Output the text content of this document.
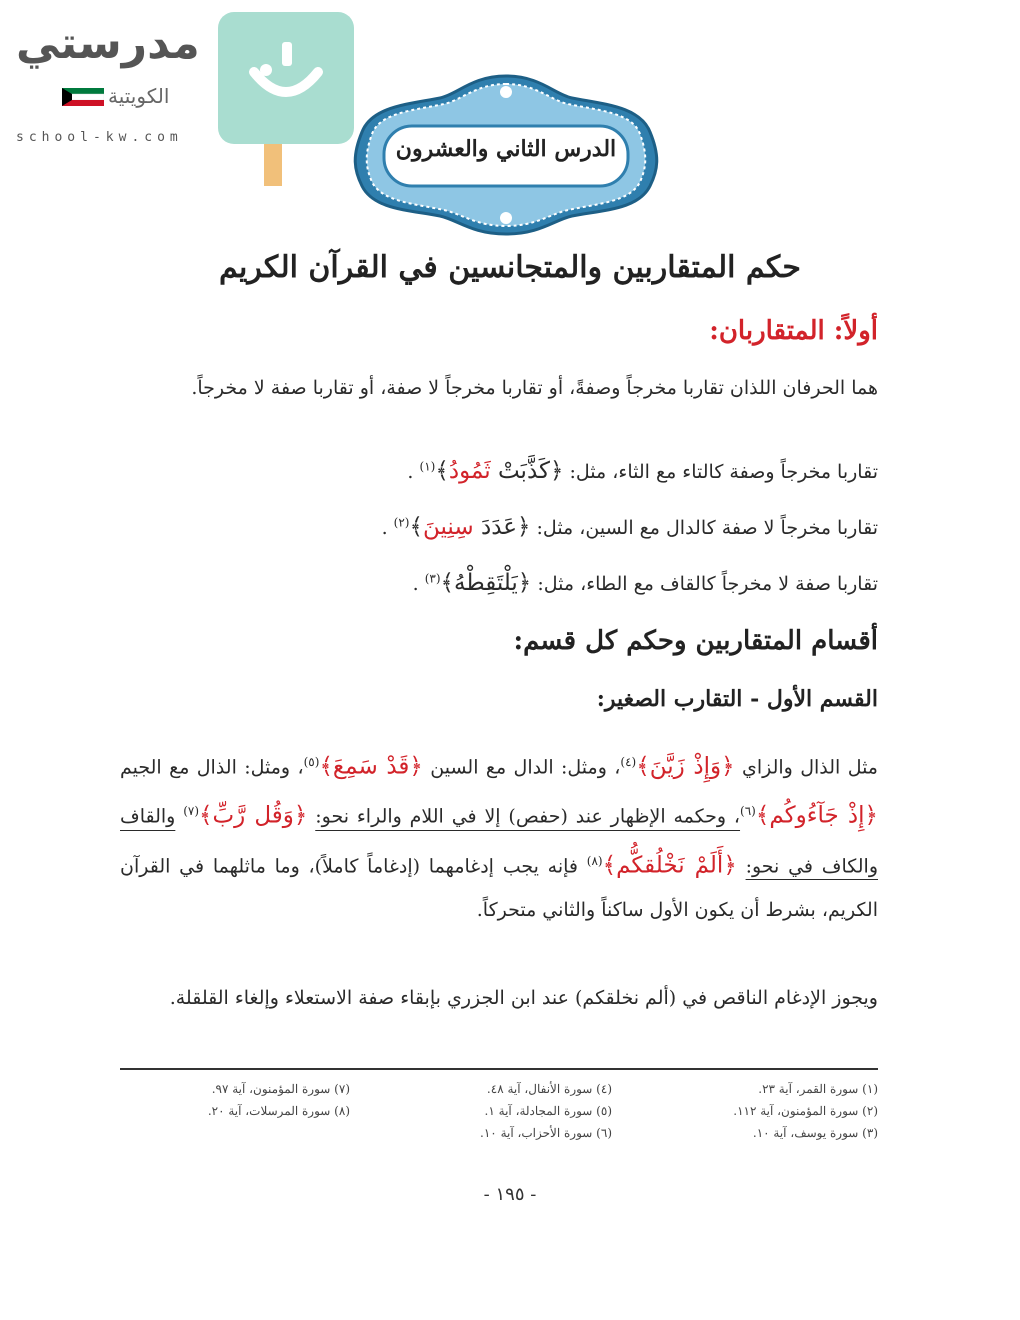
مدرستي
الكويتية
school-kw.com	الدرس الثاني والعشرون
حكم المتقاربين والمتجانسين في القرآن الكريم
أولاً: المتقاربان:
هما الحرفان اللذان تقاربا مخرجاً وصفةً، أو تقاربا مخرجاً لا صفة، أو تقاربا صفة لا مخرجاً.
تقاربا مخرجاً وصفة كالتاء مع الثاء، مثل: ﴿كَذَّبَتْ ثَمُودُ﴾$^{(١)}$ .
تقاربا مخرجاً لا صفة كالدال مع السين، مثل: ﴿عَدَدَ سِنِينَ﴾$^{(٢)}$ .
تقاربا صفة لا مخرجاً كالقاف مع الطاء، مثل: ﴿يَلْتَقِطْهُ﴾$^{(٣)}$ .
أقسام المتقاربين وحكم كل قسم:
القسم الأول - التقارب الصغير:
مثل الذال والزاي ﴿وَإِذْ زَيَّنَ﴾$^{(٤)}$، ومثل: الدال مع السين ﴿قَدْ سَمِعَ﴾$^{(٥)}$، ومثل: الذال مع الجيم ﴿إِذْ جَآءُوكُم﴾$^{(٦)}$، وحكمه الإظهار عند (حفص) إلا في اللام والراء نحو: ﴿وَقُل رَّبِّ﴾$^{(٧)}$ والقاف والكاف في نحو: ﴿أَلَمْ نَخْلُقكُّم﴾$^{(٨)}$ فإنه يجب إدغامهما (إدغاماً كاملاً)، وما ماثلهما في القرآن الكريم، بشرط أن يكون الأول ساكناً والثاني متحركاً.
ويجوز الإدغام الناقص في (ألم نخلقكم) عند ابن الجزري بإبقاء صفة الاستعلاء وإلغاء القلقلة.
(١) سورة القمر، آية ٢٣.
(٢) سورة المؤمنون، آية ١١٢.
(٣) سورة يوسف، آية ١٠.
(٤) سورة الأنفال، آية ٤٨.
(٥) سورة المجادلة، آية ١.
(٦) سورة الأحزاب، آية ١٠.
(٧) سورة المؤمنون، آية ٩٧.
(٨) سورة المرسلات، آية ٢٠.
- ١٩٥ -
